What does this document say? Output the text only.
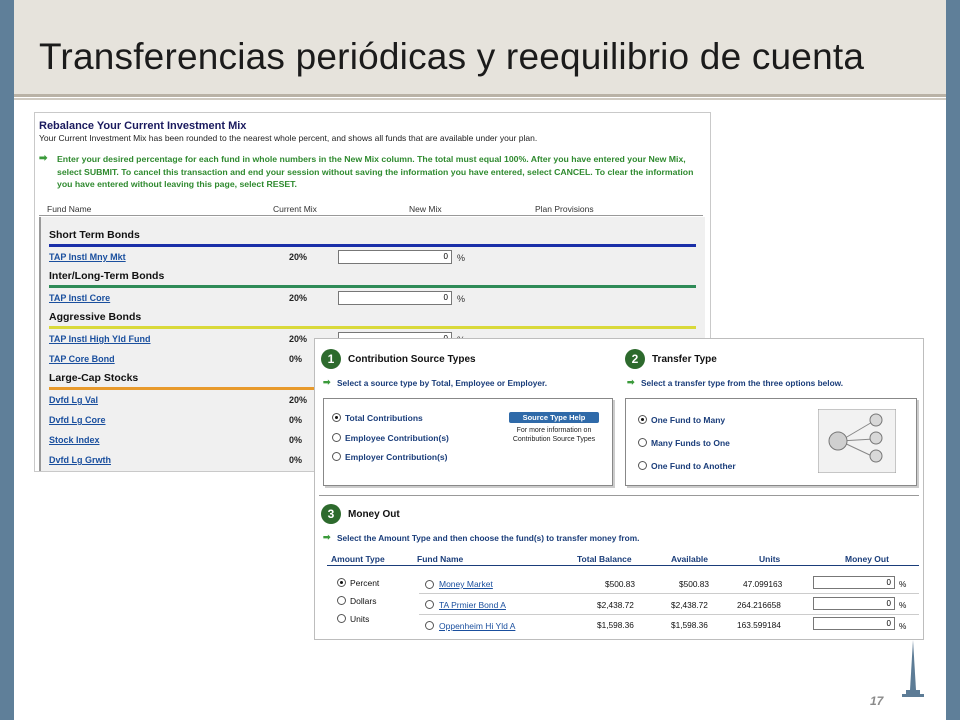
Transferencias periódicas y reequilibrio de cuenta
Rebalance Your Current Investment Mix
Your Current Investment Mix has been rounded to the nearest whole percent, and shows all funds that are available under your plan.
➡ Enter your desired percentage for each fund in whole numbers in the New Mix column. The total must equal 100%. After you have entered your New Mix, select SUBMIT. To cancel this transaction and end your session without saving the information you have entered, select CANCEL. To clear the information you have entered without leaving this page, select RESET.
Fund Name	Current Mix	New Mix	Plan Provisions
Short Term Bonds
TAP Instl Mny Mkt	20%	0	%
Inter/Long-Term Bonds
TAP Instl Core	20%	0	%
Aggressive Bonds
TAP Instl High Yld Fund	20%
TAP Core Bond	0%
Large-Cap Stocks
Dvfd Lg Val	20%
Dvfd Lg Core	0%
Stock Index	0%
Dvfd Lg Grwth	0%
1	Contribution Source Types
➡ Select a source type by Total, Employee or Employer.
Total Contributions
Employee Contribution(s)
Employer Contribution(s)
Source Type Help
For more information on Contribution Source Types
2	Transfer Type
➡ Select a transfer type from the three options below.
One Fund to Many
Many Funds to One
One Fund to Another
3	Money Out
➡ Select the Amount Type and then choose the fund(s) to transfer money from.
Amount Type	Fund Name	Total Balance	Available	Units	Money Out
Percent
Dollars
Units
Money Market	$500.83	$500.83	47.099163	0 %
TA Prmier Bond A	$2,438.72	$2,438.72	264.216658	0 %
Oppenheim Hi Yld A	$1,598.36	$1,598.36	163.599184	0 %
17
